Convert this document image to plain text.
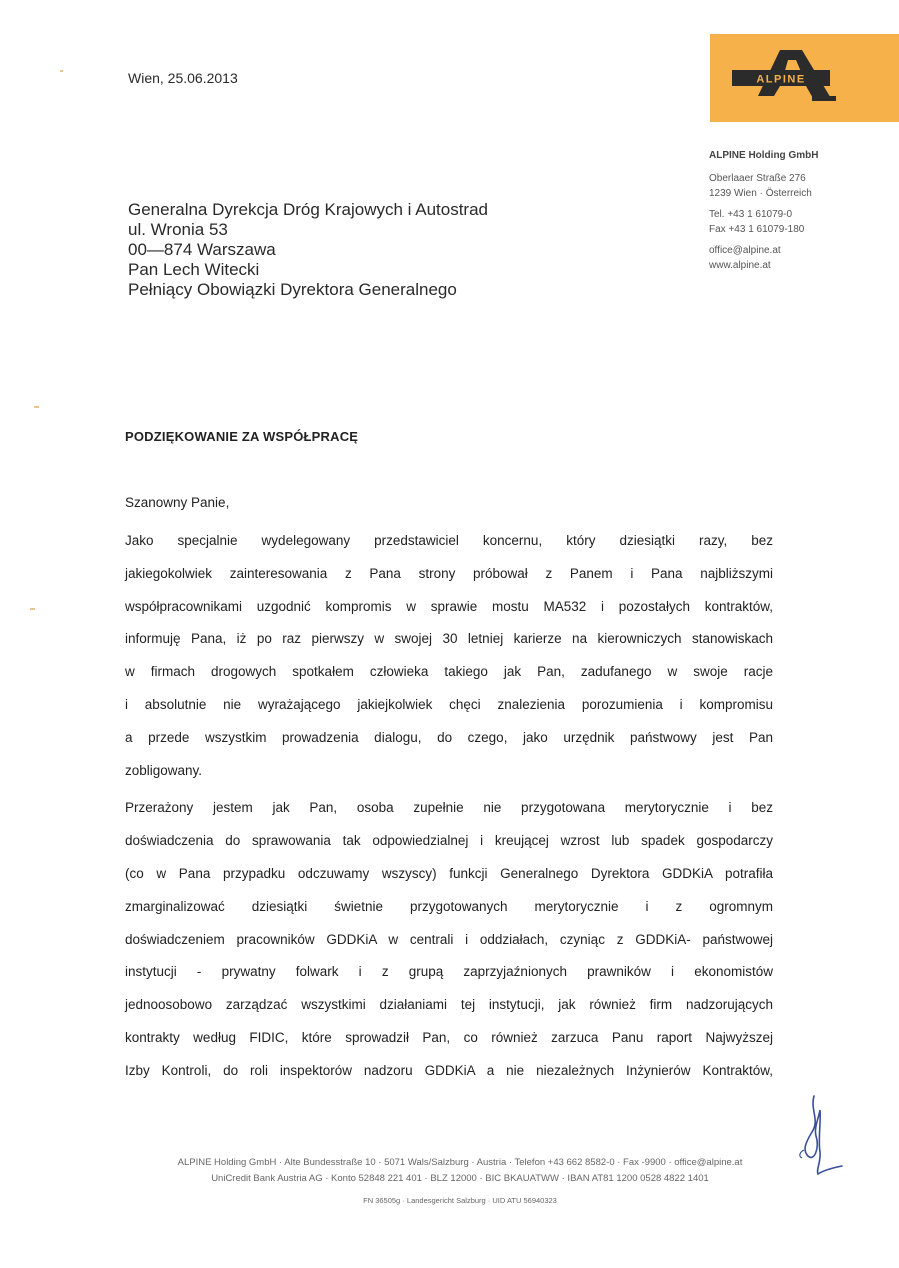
Wien, 25.06.2013	ALPINE
ALPINE Holding GmbH
Oberlaaer Straße 276
1239 Wien · Österreich
Tel. +43 1 61079-0
Fax +43 1 61079-180
office@alpine.at
www.alpine.at
Generalna Dyrekcja Dróg Krajowych i Autostrad
ul. Wronia 53
00—874 Warszawa
Pan Lech Witecki
Pełniący Obowiązki Dyrektora Generalnego
PODZIĘKOWANIE ZA WSPÓŁPRACĘ
Szanowny Panie,
Jako specjalnie wydelegowany przedstawiciel koncernu, który dziesiątki razy, bez
jakiegokolwiek zainteresowania z Pana strony próbował z Panem i Pana najbliższymi
współpracownikami uzgodnić kompromis w sprawie mostu MA532 i pozostałych kontraktów,
informuję Pana, iż po raz pierwszy w swojej 30 letniej karierze na kierowniczych stanowiskach
w firmach drogowych spotkałem człowieka takiego jak Pan, zadufanego w swoje racje
i absolutnie nie wyrażającego jakiejkolwiek chęci znalezienia porozumienia i kompromisu
a przede wszystkim prowadzenia dialogu, do czego, jako urzędnik państwowy jest Pan
zobligowany.
Przerażony jestem jak Pan, osoba zupełnie nie przygotowana merytorycznie i bez
doświadczenia do sprawowania tak odpowiedzialnej i kreującej wzrost lub spadek gospodarczy
(co w Pana przypadku odczuwamy wszyscy) funkcji Generalnego Dyrektora GDDKiA potrafiła
zmarginalizować dziesiątki świetnie przygotowanych merytorycznie i z ogromnym
doświadczeniem pracowników GDDKiA w centrali i oddziałach, czyniąc z GDDKiA- państwowej
instytucji - prywatny folwark i z grupą zaprzyjaźnionych prawników i ekonomistów
jednoosobowo zarządzać wszystkimi działaniami tej instytucji, jak również firm nadzorujących
kontrakty według FIDIC, które sprowadził Pan, co również zarzuca Panu raport Najwyższej
Izby Kontroli, do roli inspektorów nadzoru GDDKiA a nie niezależnych Inżynierów Kontraktów,
ALPINE Holding GmbH · Alte Bundesstraße 10 · 5071 Wals/Salzburg · Austria · Telefon +43 662 8582-0 · Fax -9900 · office@alpine.at
UniCredit Bank Austria AG · Konto 52848 221 401 · BLZ 12000 · BIC BKAUATWW · IBAN AT81 1200 0528 4822 1401
FN 36505g · Landesgericht Salzburg · UID ATU 56940323
